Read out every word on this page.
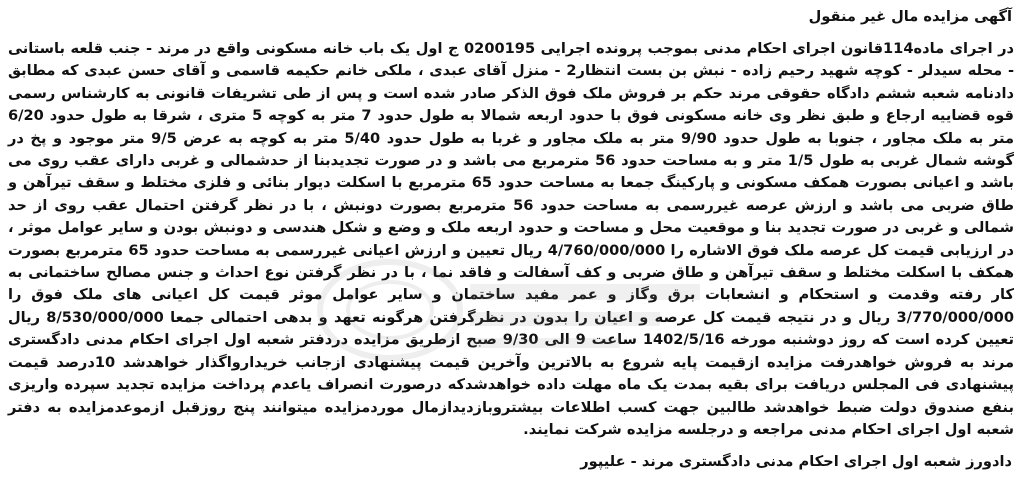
آگهی مزایده مال غیر منقول

در اجرای ماده114قانون اجرای احکام مدنی بموجب پرونده اجرایی 0200195 ج اول یک باب خانه مسکونی واقع در مرند - جنب قلعه باستانی - محله سیدلر - کوچه شهید رحیم زاده - نبش بن بست انتظار2 - منزل آقای عبدی ، ملکی خانم حکیمه قاسمی و آقای حسن عبدی که مطابق دادنامه شعبه ششم دادگاه حقوقی مرند حکم بر فروش ملک فوق الذکر صادر شده است و پس از طی تشریفات قانونی به کارشناس رسمی قوه قضاییه ارجاع و طبق نظر وی خانه مسکونی فوق با حدود اربعه شمالا به طول حدود 7 متر به کوچه 5 متری ، شرقا به طول حدود 6/20 متر به ملک مجاور ، جنوبا به طول حدود 9/90 متر به ملک مجاور و غربا به طول حدود 5/40 متر به کوچه به عرض 9/5 متر موجود و پخ در گوشه شمال غربی به طول 1/5 متر و به مساحت حدود 56 مترمربع می باشد و در صورت تجدیدبنا از حدشمالی و غربی دارای عقب روی می باشد و اعیانی بصورت همکف مسکونی و پارکینگ جمعا به مساحت حدود 65 مترمربع با اسکلت دیوار بنائی و فلزی مختلط و سقف تیرآهن و طاق ضربی می باشد و ارزش عرصه غیررسمی به مساحت حدود 56 مترمربع بصورت دونبش ، با در نظر گرفتن احتمال عقب روی از حد شمالی و غربی در صورت تجدید بنا و موقعیت محل و مساحت و حدود اربعه ملک و وضع و شکل هندسی و دونبش بودن و سایر عوامل موثر ، در ارزیابی قیمت کل عرصه ملک فوق الاشاره را 4/760/000/000 ریال تعیین و ارزش اعیانی غیررسمی به مساحت حدود 65 مترمربع بصورت همکف با اسکلت مختلط و سقف تیرآهن و طاق ضربی و کف آسفالت و فاقد نما ، با در نظر گرفتن نوع احداث و جنس مصالح ساختمانی به کار رفته وقدمت و استحکام و انشعابات برق وگاز و عمر مفید ساختمان و سایر عوامل موثر قیمت کل اعیانی های ملک فوق را 3/770/000/000 ریال و در نتیجه قیمت کل عرصه و اعیان را بدون در نظرگرفتن هرگونه تعهد و بدهی احتمالی جمعا 8/530/000/000 ریال تعیین کرده است که روز دوشنبه مورخه 1402/5/16 ساعت 9 الی 9/30 صبح ازطریق مزایده دردفتر شعبه اول اجرای احکام مدنی دادگستری مرند به فروش خواهدرفت مزایده ازقیمت پایه شروع به بالاترین وآخرین قیمت پیشنهادی ازجانب خریدارواگذار خواهدشد 10درصد قیمت پیشنهادی فی المجلس دریافت برای بقیه بمدت یک ماه مهلت داده خواهدشدکه درصورت انصراف یاعدم پرداخت مزایده تجدید سپرده واریزی بنفع صندوق دولت ضبط خواهدشد طالبین جهت کسب اطلاعات بیشتروبازدیدازمال موردمزایده میتوانند پنج روزقبل ازموعدمزایده به دفتر شعبه اول اجرای احکام مدنی مراجعه و درجلسه مزایده شرکت نمایند.

دادورز شعبه اول اجرای احکام مدنی دادگستری مرند - علیپور
